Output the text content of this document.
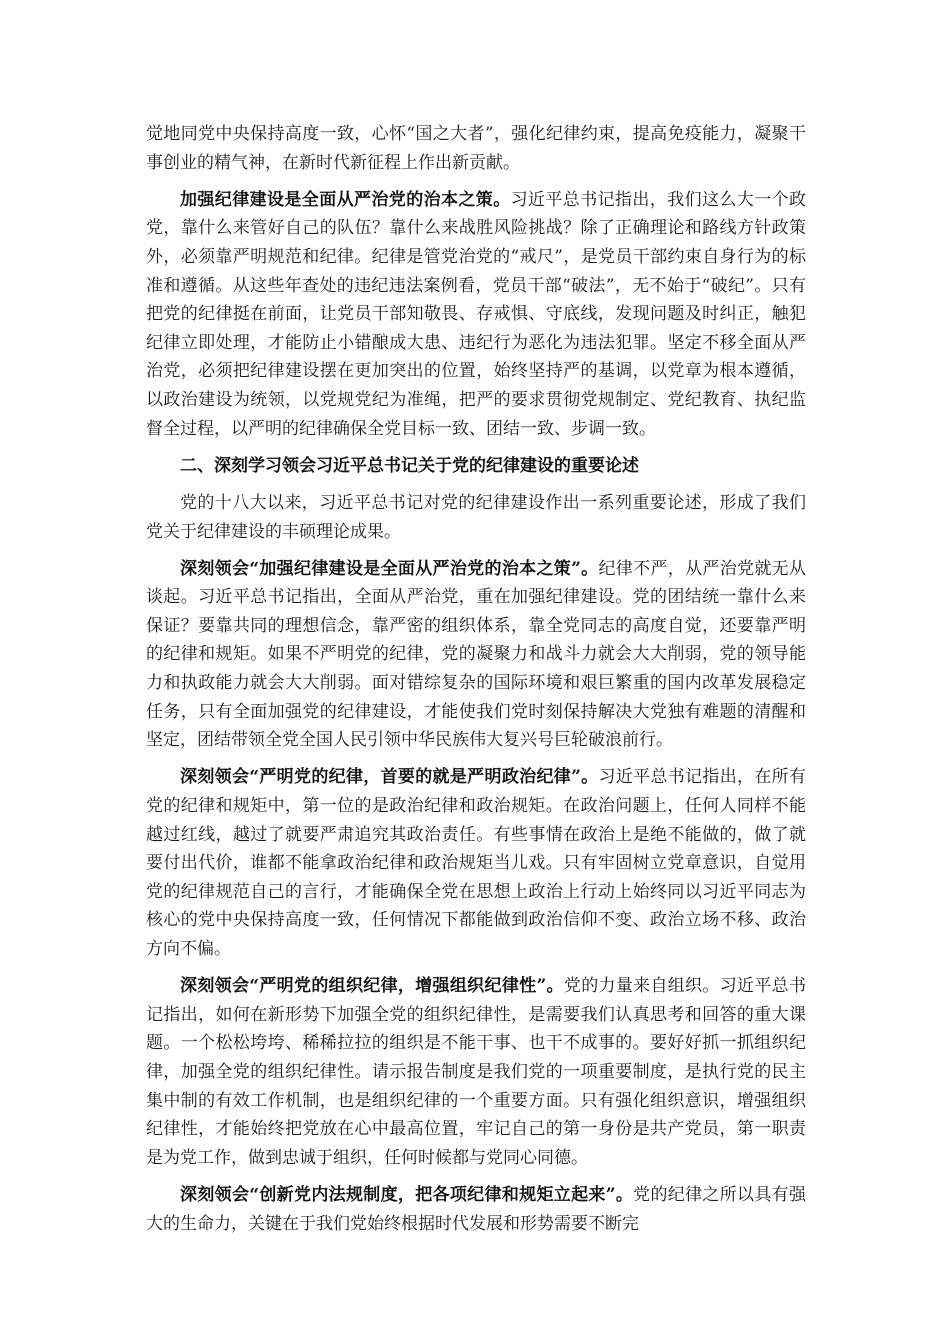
觉地同党中央保持高度一致，心怀“国之大者”，强化纪律约束，提高免疫能力，凝聚干事创业的精气神，在新时代新征程上作出新贡献。

加强纪律建设是全面从严治党的治本之策。习近平总书记指出，我们这么大一个政党，靠什么来管好自己的队伍？靠什么来战胜风险挑战？除了正确理论和路线方针政策外，必须靠严明规范和纪律。纪律是管党治党的“戒尺”，是党员干部约束自身行为的标准和遵循。从这些年查处的违纪违法案例看，党员干部“破法”，无不始于“破纪”。只有把党的纪律挺在前面，让党员干部知敬畏、存戒惧、守底线，发现问题及时纠正，触犯纪律立即处理，才能防止小错酿成大患、违纪行为恶化为违法犯罪。坚定不移全面从严治党，必须把纪律建设摆在更加突出的位置，始终坚持严的基调，以党章为根本遵循，以政治建设为统领，以党规党纪为准绳，把严的要求贯彻党规制定、党纪教育、执纪监督全过程，以严明的纪律确保全党目标一致、团结一致、步调一致。

二、深刻学习领会习近平总书记关于党的纪律建设的重要论述

党的十八大以来，习近平总书记对党的纪律建设作出一系列重要论述，形成了我们党关于纪律建设的丰硕理论成果。

深刻领会“加强纪律建设是全面从严治党的治本之策”。纪律不严，从严治党就无从谈起。习近平总书记指出，全面从严治党，重在加强纪律建设。党的团结统一靠什么来保证？要靠共同的理想信念，靠严密的组织体系，靠全党同志的高度自觉，还要靠严明的纪律和规矩。如果不严明党的纪律，党的凝聚力和战斗力就会大大削弱，党的领导能力和执政能力就会大大削弱。面对错综复杂的国际环境和艰巨繁重的国内改革发展稳定任务，只有全面加强党的纪律建设，才能使我们党时刻保持解决大党独有难题的清醒和坚定，团结带领全党全国人民引领中华民族伟大复兴号巨轮破浪前行。

深刻领会“严明党的纪律，首要的就是严明政治纪律”。习近平总书记指出，在所有党的纪律和规矩中，第一位的是政治纪律和政治规矩。在政治问题上，任何人同样不能越过红线，越过了就要严肃追究其政治责任。有些事情在政治上是绝不能做的，做了就要付出代价，谁都不能拿政治纪律和政治规矩当儿戏。只有牢固树立党章意识，自觉用党的纪律规范自己的言行，才能确保全党在思想上政治上行动上始终同以习近平同志为核心的党中央保持高度一致，任何情况下都能做到政治信仰不变、政治立场不移、政治方向不偏。

深刻领会“严明党的组织纪律，增强组织纪律性”。党的力量来自组织。习近平总书记指出，如何在新形势下加强全党的组织纪律性，是需要我们认真思考和回答的重大课题。一个松松垮垮、稀稀拉拉的组织是不能干事、也干不成事的。要好好抓一抓组织纪律，加强全党的组织纪律性。请示报告制度是我们党的一项重要制度，是执行党的民主集中制的有效工作机制，也是组织纪律的一个重要方面。只有强化组织意识，增强组织纪律性，才能始终把党放在心中最高位置，牢记自己的第一身份是共产党员，第一职责是为党工作，做到忠诚于组织，任何时候都与党同心同德。

深刻领会“创新党内法规制度，把各项纪律和规矩立起来”。党的纪律之所以具有强大的生命力，关键在于我们党始终根据时代发展和形势需要不断完
